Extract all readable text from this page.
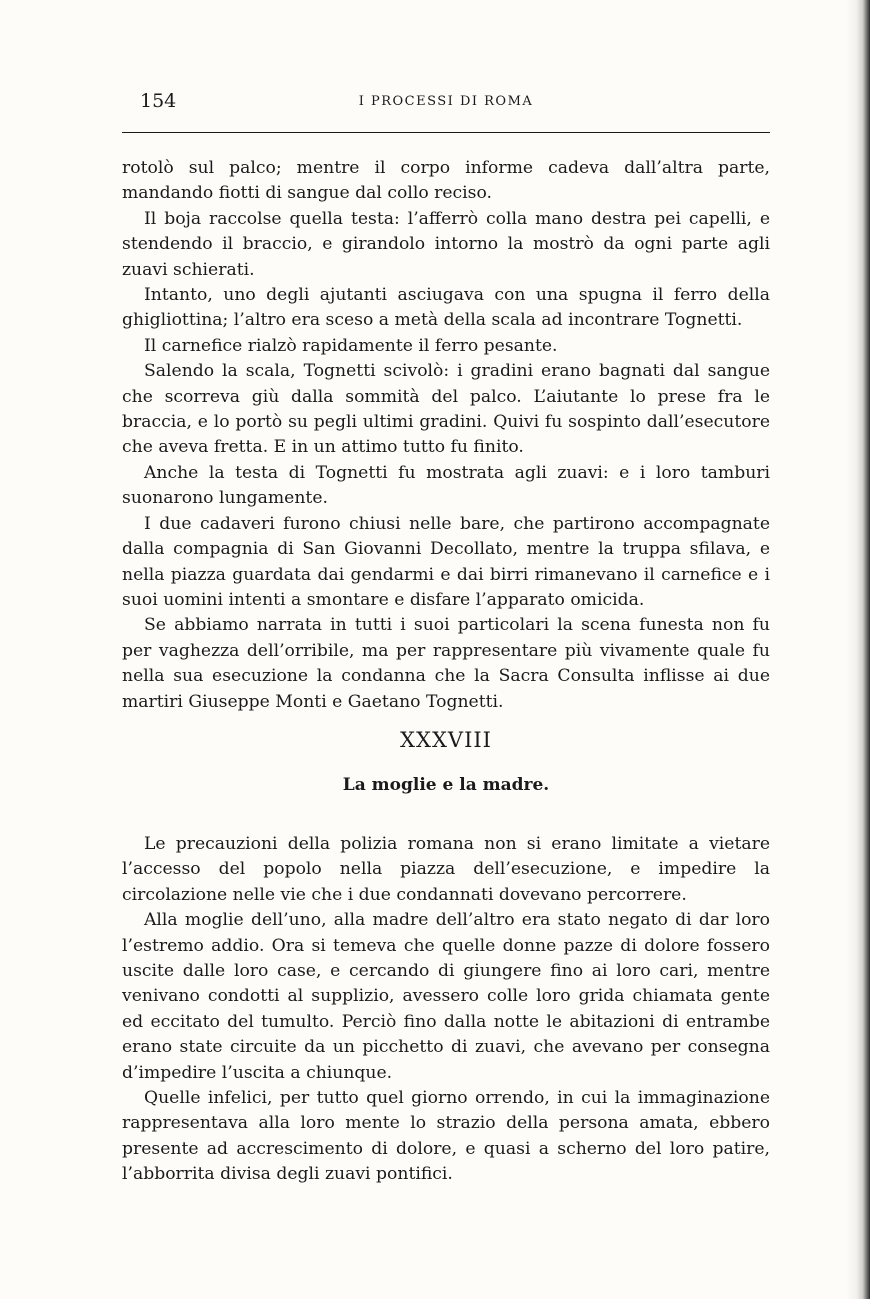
154	I PROCESSI DI ROMA

rotolò sul palco; mentre il corpo informe cadeva dall’altra parte, mandando fiotti di sangue dal collo reciso.

Il boja raccolse quella testa: l’afferrò colla mano destra pei capelli, e stendendo il braccio, e girandolo intorno la mostrò da ogni parte agli zuavi schierati.

Intanto, uno degli ajutanti asciugava con una spugna il ferro della ghigliottina; l’altro era sceso a metà della scala ad incontrare Tognetti.

Il carnefice rialzò rapidamente il ferro pesante.

Salendo la scala, Tognetti scivolò: i gradini erano bagnati dal sangue che scorreva giù dalla sommità del palco. L’aiutante lo prese fra le braccia, e lo portò su pegli ultimi gradini. Quivi fu sospinto dall’esecutore che aveva fretta. E in un attimo tutto fu finito.

Anche la testa di Tognetti fu mostrata agli zuavi: e i loro tamburi suonarono lungamente.

I due cadaveri furono chiusi nelle bare, che partirono accompagnate dalla compagnia di San Giovanni Decollato, mentre la truppa sfilava, e nella piazza guardata dai gendarmi e dai birri rimanevano il carnefice e i suoi uomini intenti a smontare e disfare l’apparato omicida.

Se abbiamo narrata in tutti i suoi particolari la scena funesta non fu per vaghezza dell’orribile, ma per rappresentare più vivamente quale fu nella sua esecuzione la condanna che la Sacra Consulta inflisse ai due martiri Giuseppe Monti e Gaetano Tognetti.

XXXVIII
La moglie e la madre.

Le precauzioni della polizia romana non si erano limitate a vietare l’accesso del popolo nella piazza dell’esecuzione, e impedire la circolazione nelle vie che i due condannati dovevano percorrere.

Alla moglie dell’uno, alla madre dell’altro era stato negato di dar loro l’estremo addio. Ora si temeva che quelle donne pazze di dolore fossero uscite dalle loro case, e cercando di giungere fino ai loro cari, mentre venivano condotti al supplizio, avessero colle loro grida chiamata gente ed eccitato del tumulto. Perciò fino dalla notte le abitazioni di entrambe erano state circuite da un picchetto di zuavi, che avevano per consegna d’impedire l’uscita a chiunque.

Quelle infelici, per tutto quel giorno orrendo, in cui la immaginazione rappresentava alla loro mente lo strazio della persona amata, ebbero presente ad accrescimento di dolore, e quasi a scherno del loro patire, l’abborrita divisa degli zuavi pontifici.
